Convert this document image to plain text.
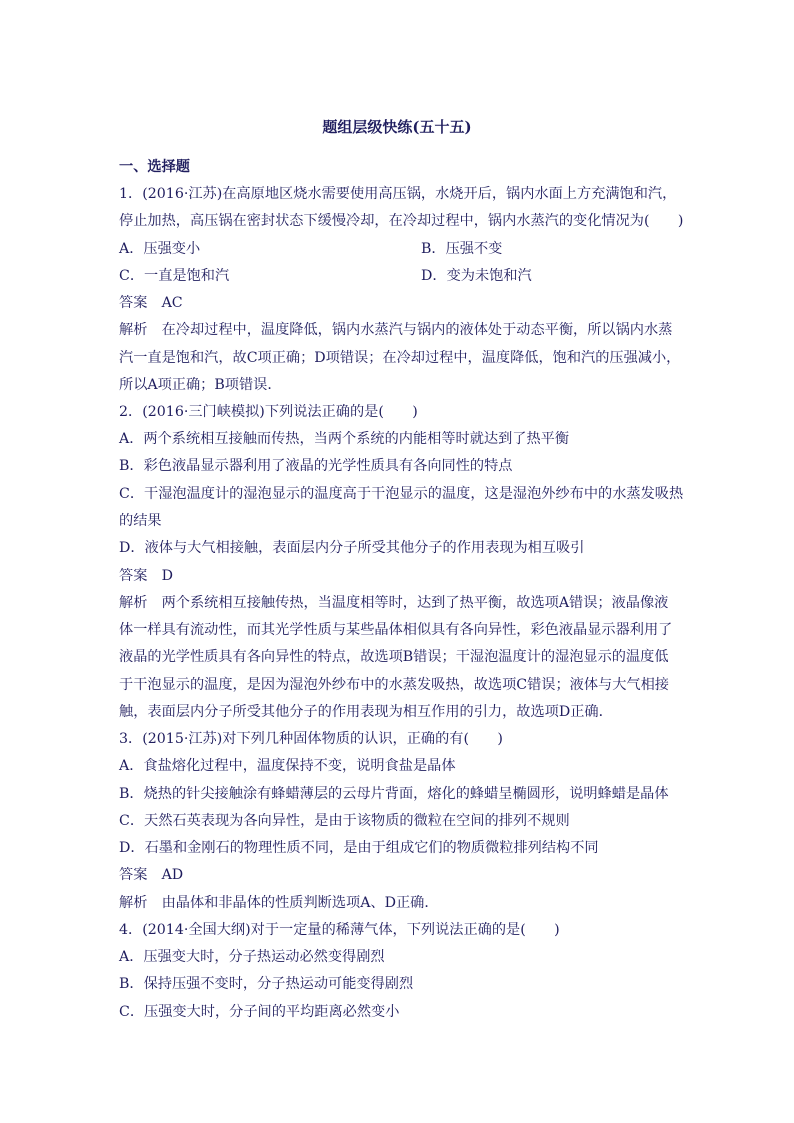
题组层级快练(五十五)
一、选择题
1．(2016·江苏)在高原地区烧水需要使用高压锅，水烧开后，锅内水面上方充满饱和汽，
停止加热，高压锅在密封状态下缓慢冷却，在冷却过程中，锅内水蒸汽的变化情况为(　　)
A．压强变小	B．压强不变
C．一直是饱和汽	D．变为未饱和汽
答案　AC
解析　在冷却过程中，温度降低，锅内水蒸汽与锅内的液体处于动态平衡，所以锅内水蒸
汽一直是饱和汽，故C项正确；D项错误；在冷却过程中，温度降低，饱和汽的压强减小，
所以A项正确；B项错误．
2．(2016·三门峡模拟)下列说法正确的是(　　)
A．两个系统相互接触而传热，当两个系统的内能相等时就达到了热平衡
B．彩色液晶显示器利用了液晶的光学性质具有各向同性的特点
C．干湿泡温度计的湿泡显示的温度高于干泡显示的温度，这是湿泡外纱布中的水蒸发吸热
的结果
D．液体与大气相接触，表面层内分子所受其他分子的作用表现为相互吸引
答案　D
解析　两个系统相互接触传热，当温度相等时，达到了热平衡，故选项A错误；液晶像液
体一样具有流动性，而其光学性质与某些晶体相似具有各向异性，彩色液晶显示器利用了
液晶的光学性质具有各向异性的特点，故选项B错误；干湿泡温度计的湿泡显示的温度低
于干泡显示的温度，是因为湿泡外纱布中的水蒸发吸热，故选项C错误；液体与大气相接
触，表面层内分子所受其他分子的作用表现为相互作用的引力，故选项D正确．
3．(2015·江苏)对下列几种固体物质的认识，正确的有(　　)
A．食盐熔化过程中，温度保持不变，说明食盐是晶体
B．烧热的针尖接触涂有蜂蜡薄层的云母片背面，熔化的蜂蜡呈椭圆形，说明蜂蜡是晶体
C．天然石英表现为各向异性，是由于该物质的微粒在空间的排列不规则
D．石墨和金刚石的物理性质不同，是由于组成它们的物质微粒排列结构不同
答案　AD
解析　由晶体和非晶体的性质判断选项A、D正确．
4．(2014·全国大纲)对于一定量的稀薄气体，下列说法正确的是(　　)
A．压强变大时，分子热运动必然变得剧烈
B．保持压强不变时，分子热运动可能变得剧烈
C．压强变大时，分子间的平均距离必然变小
